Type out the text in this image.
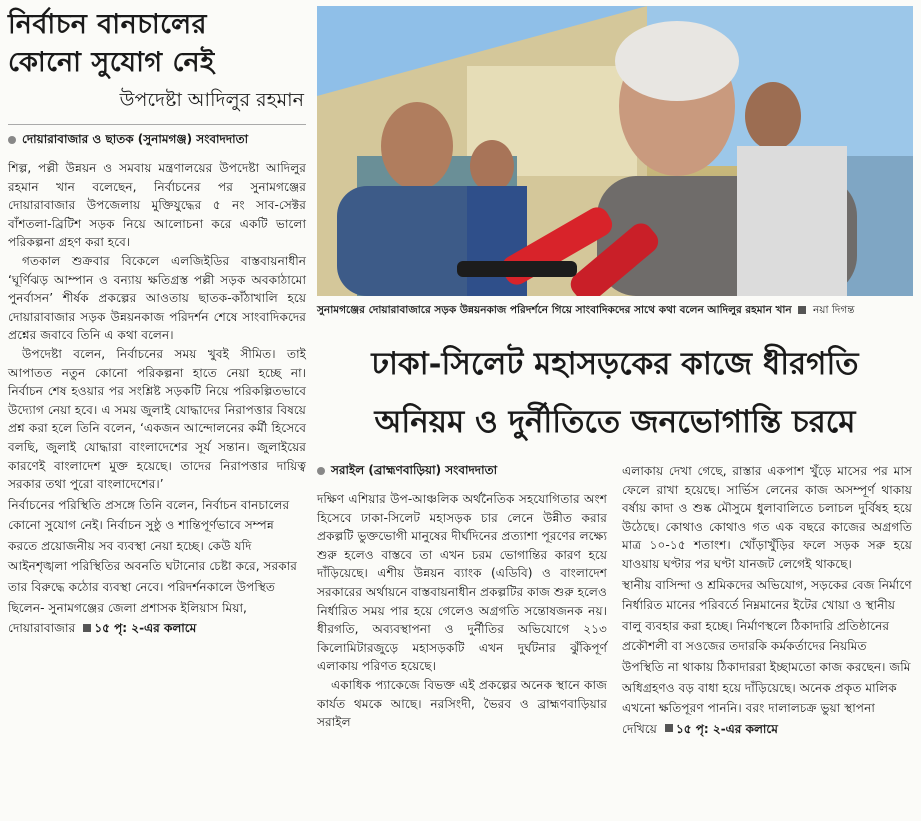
নির্বাচন বানচালের
কোনো সুযোগ নেই
উপদেষ্টা আদিলুর রহমান
দোয়ারাবাজার ও ছাতক (সুনামগঞ্জ) সংবাদদাতা

শিল্প, পল্লী উন্নয়ন ও সমবায় মন্ত্রণালয়ের উপদেষ্টা আদিলুর রহমান খান বলেছেন, নির্বাচনের পর সুনামগঞ্জের দোয়ারাবাজার উপজেলায় মুক্তিযুদ্ধের ৫ নং সাব-সেক্টর বাঁশতলা-ব্রিটিশ সড়ক নিয়ে আলোচনা করে একটি ভালো পরিকল্পনা গ্রহণ করা হবে।

গতকাল শুক্রবার বিকেলে এলজিইডির বাস্তবায়নাধীন ‘ঘূর্ণিঝড় আম্পান ও বন্যায় ক্ষতিগ্রস্ত পল্লী সড়ক অবকাঠামো পুনর্বাসন’ শীর্ষক প্রকল্পের আওতায় ছাতক-কাঁঠাখালি হয়ে দোয়ারাবাজার সড়ক উন্নয়নকাজ পরিদর্শন শেষে সাংবাদিকদের প্রশ্নের জবাবে তিনি এ কথা বলেন।

উপদেষ্টা বলেন, নির্বাচনের সময় খুবই সীমিত। তাই আপাতত নতুন কোনো পরিকল্পনা হাতে নেয়া হচ্ছে না। নির্বাচন শেষ হওয়ার পর সংশ্লিষ্ট সড়কটি নিয়ে পরিকল্পিতভাবে উদ্যোগ নেয়া হবে। এ সময় জুলাই যোদ্ধাদের নিরাপত্তার বিষয়ে প্রশ্ন করা হলে তিনি বলেন, ‘একজন আন্দোলনের কর্মী হিসেবে বলছি, জুলাই যোদ্ধারা বাংলাদেশের সূর্য সন্তান। জুলাইয়ের কারণেই বাংলাদেশ মুক্ত হয়েছে। তাদের নিরাপত্তার দায়িত্ব সরকার তথা পুরো বাংলাদেশের।’

নির্বাচনের পরিস্থিতি প্রসঙ্গে তিনি বলেন, নির্বাচন বানচালের কোনো সুযোগ নেই। নির্বাচন সুষ্ঠু ও শান্তিপূর্ণভাবে সম্পন্ন করতে প্রয়োজনীয় সব ব্যবস্থা নেয়া হচ্ছে। কেউ যদি আইনশৃঙ্খলা পরিস্থিতির অবনতি ঘটানোর চেষ্টা করে, সরকার তার বিরুদ্ধে কঠোর ব্যবস্থা নেবে। পরিদর্শনকালে উপস্থিত ছিলেন- সুনামগঞ্জের জেলা প্রশাসক ইলিয়াস মিয়া, দোয়ারাবাজার ১৫ পৃ: ২-এর কলামে
সুনামগঞ্জের দোয়ারাবাজারে সড়ক উন্নয়নকাজ পরিদর্শনে গিয়ে সাংবাদিকদের সাথে কথা বলেন আদিলুর রহমান খান নয়া দিগন্ত
ঢাকা-সিলেট মহাসড়কের কাজে ধীরগতি
অনিয়ম ও দুর্নীতিতে জনভোগান্তি চরমে
সরাইল (ব্রাহ্মণবাড়িয়া) সংবাদদাতা

দক্ষিণ এশিয়ার উপ-আঞ্চলিক অর্থনৈতিক সহযোগিতার অংশ হিসেবে ঢাকা-সিলেট মহাসড়ক চার লেনে উন্নীত করার প্রকল্পটি ভুক্তভোগী মানুষের দীর্ঘদিনের প্রত্যাশা পূরণের লক্ষ্যে শুরু হলেও বাস্তবে তা এখন চরম ভোগান্তির কারণ হয়ে দাঁড়িয়েছে। এশীয় উন্নয়ন ব্যাংক (এডিবি) ও বাংলাদেশ সরকারের অর্থায়নে বাস্তবায়নাধীন প্রকল্পটির কাজ শুরু হলেও নির্ধারিত সময় পার হয়ে গেলেও অগ্রগতি সন্তোষজনক নয়। ধীরগতি, অব্যবস্থাপনা ও দুর্নীতির অভিযোগে ২১৩ কিলোমিটারজুড়ে মহাসড়কটি এখন দুর্ঘটনার ঝুঁকিপূর্ণ এলাকায় পরিণত হয়েছে।

একাধিক প্যাকেজে বিভক্ত এই প্রকল্পের অনেক স্থানে কাজ কার্যত থমকে আছে। নরসিংদী, ভৈরব ও ব্রাহ্মণবাড়িয়ার সরাইল

এলাকায় দেখা গেছে, রাস্তার একপাশ খুঁড়ে মাসের পর মাস ফেলে রাখা হয়েছে। সার্ভিস লেনের কাজ অসম্পূর্ণ থাকায় বর্ষায় কাদা ও শুষ্ক মৌসুমে ধুলাবালিতে চলাচল দুর্বিষহ হয়ে উঠেছে। কোথাও কোথাও গত এক বছরে কাজের অগ্রগতি মাত্র ১০-১৫ শতাংশ। খোঁড়াখুঁড়ির ফলে সড়ক সরু হয়ে যাওয়ায় ঘণ্টার পর ঘণ্টা যানজট লেগেই থাকছে।

স্থানীয় বাসিন্দা ও শ্রমিকদের অভিযোগ, সড়কের বেজ নির্মাণে নির্ধারিত মানের পরিবর্তে নিম্নমানের ইটের খোয়া ও স্থানীয় বালু ব্যবহার করা হচ্ছে। নির্মাণস্থলে ঠিকাদারি প্রতিষ্ঠানের প্রকৌশলী বা সওজের তদারকি কর্মকর্তাদের নিয়মিত উপস্থিতি না থাকায় ঠিকাদাররা ইচ্ছামতো কাজ করছেন। জমি অধিগ্রহণও বড় বাধা হয়ে দাঁড়িয়েছে। অনেক প্রকৃত মালিক এখনো ক্ষতিপূরণ পাননি। বরং দালালচক্র ভুয়া স্থাপনা দেখিয়ে ১৫ পৃ: ২-এর কলামে
